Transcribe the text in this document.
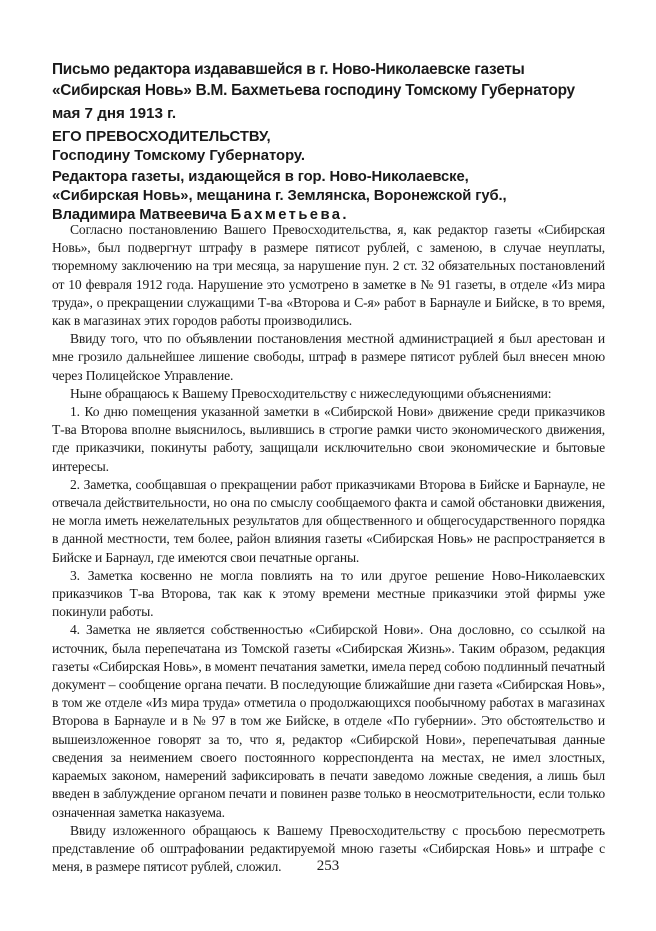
Письмо редактора издававшейся в г. Ново-Николаевске газеты
«Сибирская Новь» В.М. Бахметьева господину Томскому Губернатору
мая 7 дня 1913 г.
ЕГО ПРЕВОСХОДИТЕЛЬСТВУ,
Господину Томскому Губернатору.
Редактора газеты, издающейся в гор. Ново-Николаевске,
«Сибирская Новь», мещанина г. Землянска, Воронежской губ.,
Владимира Матвеевича Бахметьева.

Согласно постановлению Вашего Превосходительства, я, как редактор газеты «Сибирская Новь», был подвергнут штрафу в размере пятисот рублей, с заменою, в случае неуплаты, тюремному заключению на три месяца, за нарушение пун. 2 ст. 32 обязательных постановлений от 10 февраля 1912 года. Нарушение это усмотрено в заметке в № 91 газеты, в отделе «Из мира труда», о прекращении служащими Т-ва «Второва и С-я» работ в Барнауле и Бийске, в то время, как в магазинах этих городов работы производились.

Ввиду того, что по объявлении постановления местной администрацией я был арестован и мне грозило дальнейшее лишение свободы, штраф в размере пятисот рублей был внесен мною через Полицейское Управление.

Ныне обращаюсь к Вашему Превосходительству с нижеследующими объяснениями:

1. Ко дню помещения указанной заметки в «Сибирской Нови» движение среди приказчиков Т-ва Второва вполне выяснилось, вылившись в строгие рамки чисто экономического движения, где приказчики, покинуты работу, защищали исключительно свои экономические и бытовые интересы.

2. Заметка, сообщавшая о прекращении работ приказчиками Второва в Бийске и Барнауле, не отвечала действительности, но она по смыслу сообщаемого факта и самой обстановки движения, не могла иметь нежелательных результатов для общественного и общегосударственного порядка в данной местности, тем более, район влияния газеты «Сибирская Новь» не распространяется в Бийске и Барнаул, где имеются свои печатные органы.

3. Заметка косвенно не могла повлиять на то или другое решение Ново-Николаевских приказчиков Т-ва Второва, так как к этому времени местные приказчики этой фирмы уже покинули работы.

4. Заметка не является собственностью «Сибирской Нови». Она дословно, со ссылкой на источник, была перепечатана из Томской газеты «Сибирская Жизнь». Таким образом, редакция газеты «Сибирская Новь», в момент печатания заметки, имела перед собою подлинный печатный документ – сообщение органа печати. В последующие ближайшие дни газета «Сибирская Новь», в том же отделе «Из мира труда» отметила о продолжающихся пообычному работах в магазинах Второва в Барнауле и в № 97 в том же Бийске, в отделе «По губернии». Это обстоятельство и вышеизложенное говорят за то, что я, редактор «Сибирской Нови», перепечатывая данные сведения за неимением своего постоянного корреспондента на местах, не имел злостных, караемых законом, намерений зафиксировать в печати заведомо ложные сведения, а лишь был введен в заблуждение органом печати и повинен разве только в неосмотрительности, если только означенная заметка наказуема.

Ввиду изложенного обращаюсь к Вашему Превосходительству с просьбою пересмотреть представление об оштрафовании редактируемой мною газеты «Сибирская Новь» и штрафе с меня, в размере пятисот рублей, сложил.	253
